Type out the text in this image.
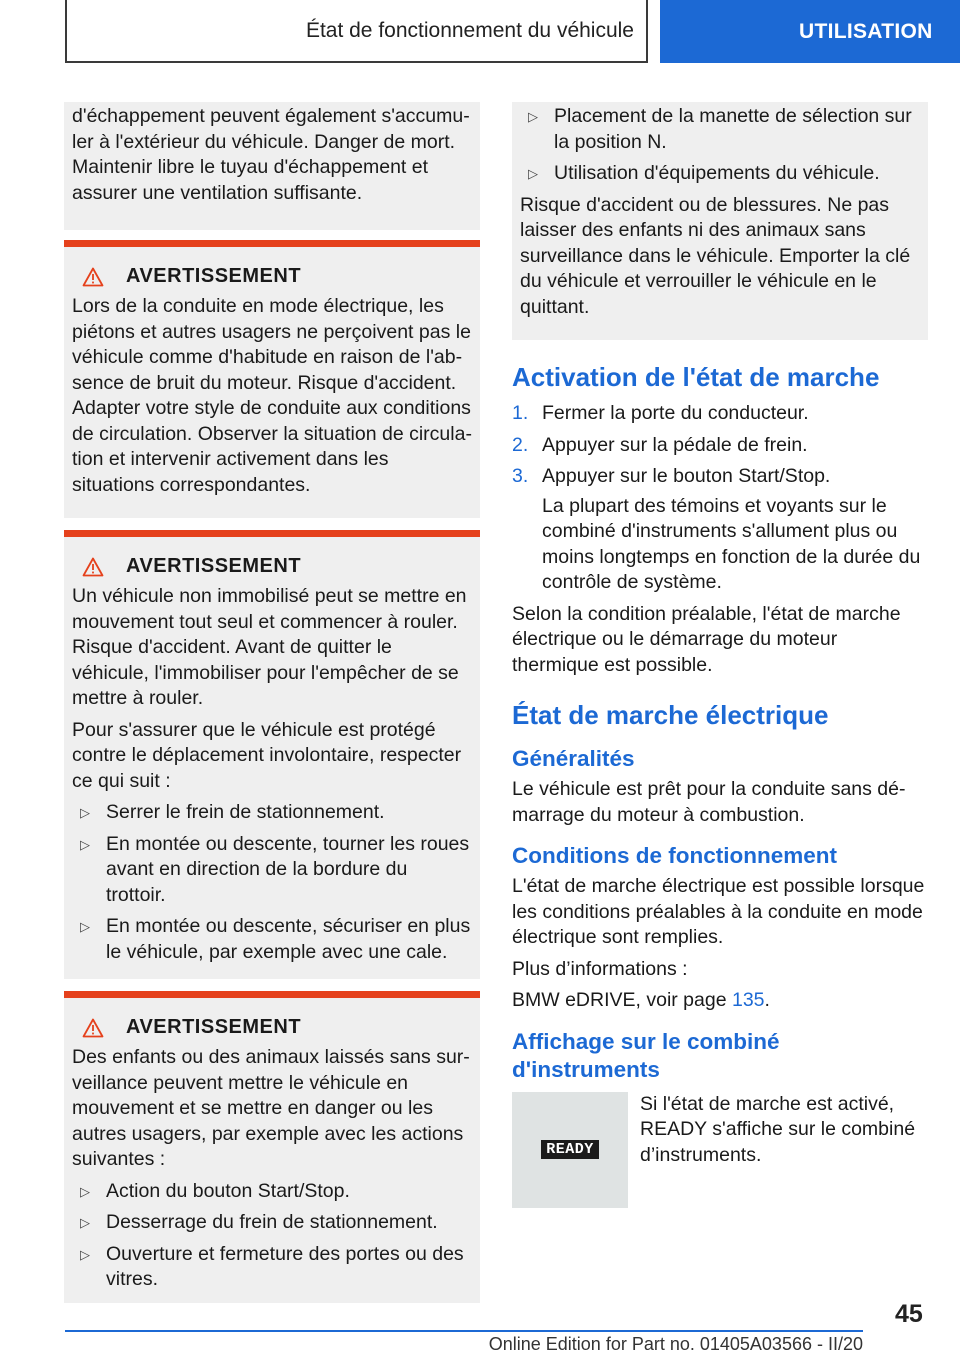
État de fonctionnement du véhicule	UTILISATION

d'échappement peuvent également s'accumuler à l'extérieur du véhicule. Danger de mort. Maintenir libre le tuyau d'échappement et assurer une ventilation suffisante.

AVERTISSEMENT

Lors de la conduite en mode électrique, les piétons et autres usagers ne perçoivent pas le véhicule comme d'habitude en raison de l'absence de bruit du moteur. Risque d'accident. Adapter votre style de conduite aux conditions de circulation. Observer la situation de circulation et intervenir activement dans les situations correspondantes.

AVERTISSEMENT

Un véhicule non immobilisé peut se mettre en mouvement tout seul et commencer à rouler. Risque d'accident. Avant de quitter le véhicule, l'immobiliser pour l'empêcher de se mettre à rouler.

Pour s'assurer que le véhicule est protégé contre le déplacement involontaire, respecter ce qui suit :

▷ Serrer le frein de stationnement.
▷ En montée ou descente, tourner les roues avant en direction de la bordure du trottoir.
▷ En montée ou descente, sécuriser en plus le véhicule, par exemple avec une cale.
AVERTISSEMENT

Des enfants ou des animaux laissés sans surveillance peuvent mettre le véhicule en mouvement et se mettre en danger ou les autres usagers, par exemple avec les actions suivantes :

▷ Action du bouton Start/Stop.
▷ Desserrage du frein de stationnement.
▷ Ouverture et fermeture des portes ou des vitres.
▷ Placement de la manette de sélection sur la position N.
▷ Utilisation d'équipements du véhicule.

Risque d'accident ou de blessures. Ne pas laisser des enfants ni des animaux sans surveillance dans le véhicule. Emporter la clé du véhicule et verrouiller le véhicule en le quittant.

Activation de l'état de marche
1. Fermer la porte du conducteur.
2. Appuyer sur la pédale de frein.
3. Appuyer sur le bouton Start/Stop.

La plupart des témoins et voyants sur le combiné d'instruments s'allument plus ou moins longtemps en fonction de la durée du contrôle de système.

Selon la condition préalable, l'état de marche électrique ou le démarrage du moteur thermique est possible.

État de marche électrique
Généralités

Le véhicule est prêt pour la conduite sans démarrage du moteur à combustion.

Conditions de fonctionnement

L'état de marche électrique est possible lorsque les conditions préalables à la conduite en mode électrique sont remplies.

Plus d’informations :

BMW eDRIVE, voir page 135.

Affichage sur le combiné d'instruments
READY
Si l'état de marche est activé, READY s'affiche sur le combiné d’instruments.
45
Online Edition for Part no. 01405A03566 - II/20
